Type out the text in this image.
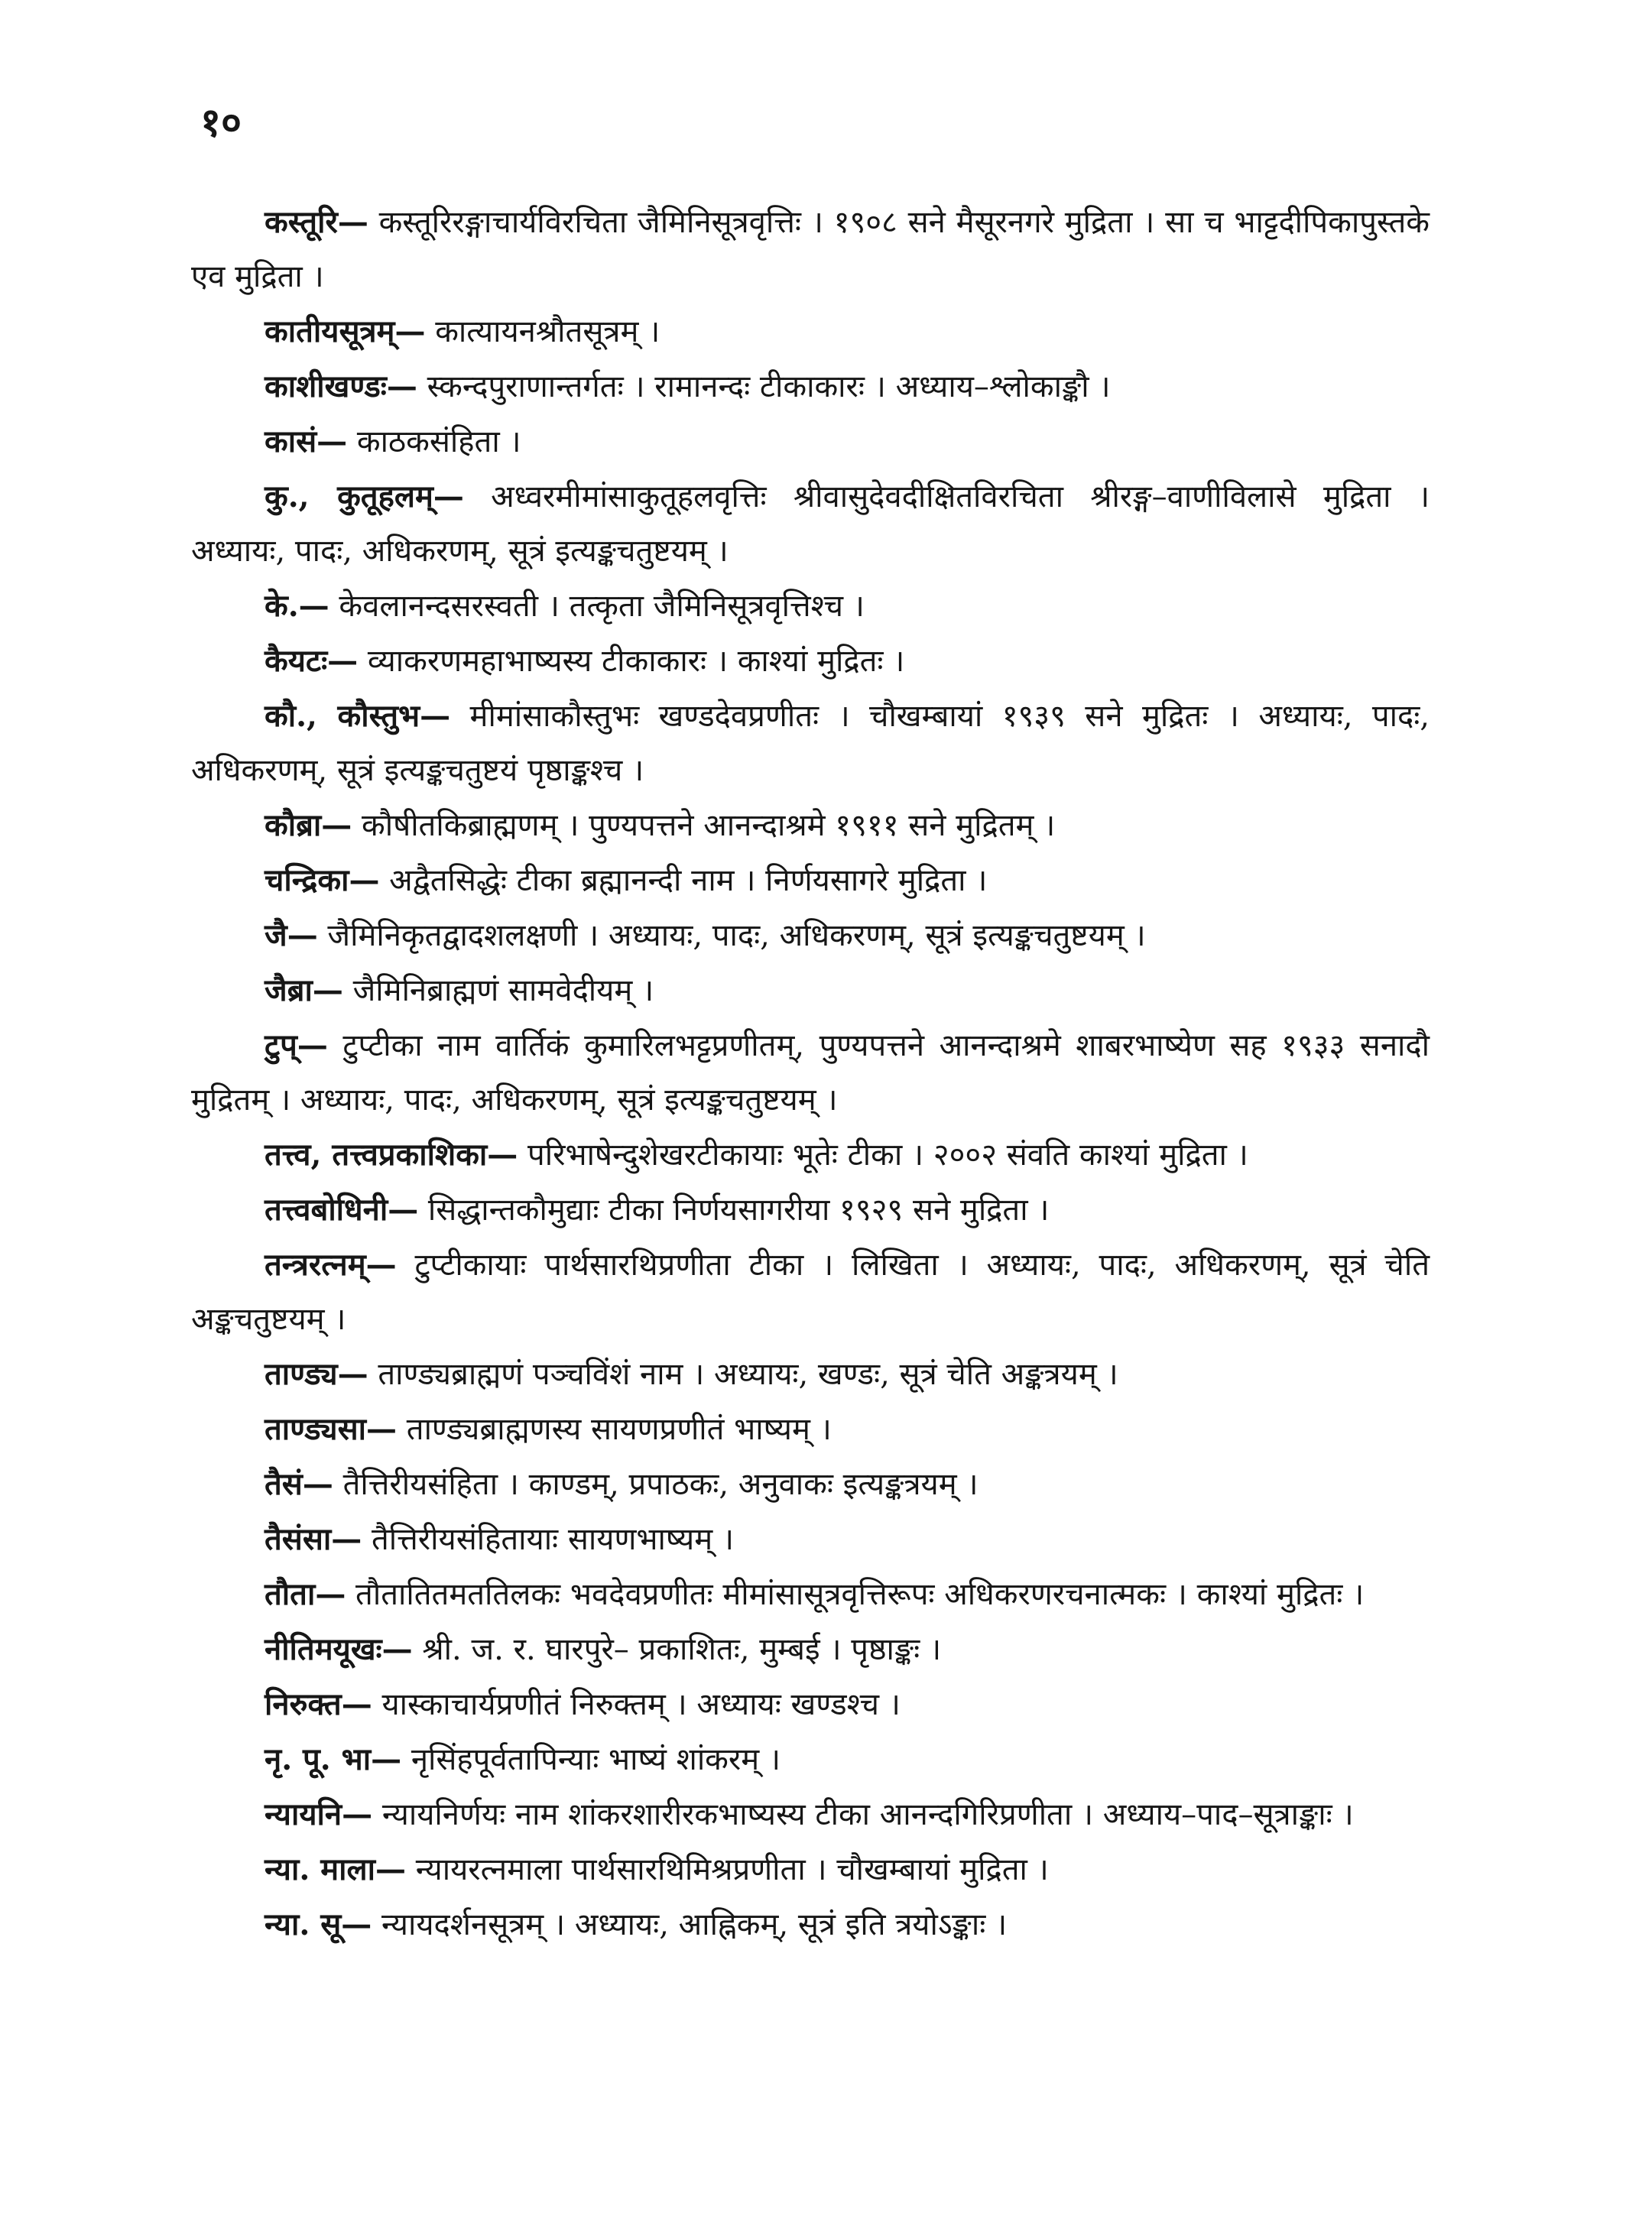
१०

कस्तूरि— कस्तूरिरङ्गाचार्यविरचिता जैमिनिसूत्रवृत्तिः । १९०८ सने मैसूरनगरे मुद्रिता । सा च भाट्टदीपिकापुस्तके एव मुद्रिता ।

कातीयसूत्रम्— कात्यायनश्रौतसूत्रम् ।

काशीखण्डः— स्कन्दपुराणान्तर्गतः । रामानन्दः टीकाकारः । अध्याय–श्लोकाङ्कौ ।

कासं— काठकसंहिता ।

कु., कुतूहलम्— अध्वरमीमांसाकुतूहलवृत्तिः श्रीवासुदेवदीक्षितविरचिता श्रीरङ्ग–वाणीविलासे मुद्रिता । अध्यायः, पादः, अधिकरणम्, सूत्रं इत्यङ्कचतुष्टयम् ।

के.— केवलानन्दसरस्वती । तत्कृता जैमिनिसूत्रवृत्तिश्च ।

कैयटः— व्याकरणमहाभाष्यस्य टीकाकारः । काश्यां मुद्रितः ।

कौ., कौस्तुभ— मीमांसाकौस्तुभः खण्डदेवप्रणीतः । चौखम्बायां १९३९ सने मुद्रितः । अध्यायः, पादः, अधिकरणम्, सूत्रं इत्यङ्कचतुष्टयं पृष्ठाङ्कश्च ।

कौब्रा— कौषीतकिब्राह्मणम् । पुण्यपत्तने आनन्दाश्रमे १९११ सने मुद्रितम् ।

चन्द्रिका— अद्वैतसिद्धेः टीका ब्रह्मानन्दी नाम । निर्णयसागरे मुद्रिता ।

जै— जैमिनिकृतद्वादशलक्षणी । अध्यायः, पादः, अधिकरणम्, सूत्रं इत्यङ्कचतुष्टयम् ।

जैब्रा— जैमिनिब्राह्मणं सामवेदीयम् ।

टुप्— टुप्टीका नाम वार्तिकं कुमारिलभट्टप्रणीतम्, पुण्यपत्तने आनन्दाश्रमे शाबरभाष्येण सह १९३३ सनादौ मुद्रितम् । अध्यायः, पादः, अधिकरणम्, सूत्रं इत्यङ्कचतुष्टयम् ।

तत्त्व, तत्त्वप्रकाशिका— परिभाषेन्दुशेखरटीकायाः भूतेः टीका । २००२ संवति काश्यां मुद्रिता ।

तत्त्वबोधिनी— सिद्धान्तकौमुद्याः टीका निर्णयसागरीया १९२९ सने मुद्रिता ।

तन्त्ररत्नम्— टुप्टीकायाः पार्थसारथिप्रणीता टीका । लिखिता । अध्यायः, पादः, अधिकरणम्, सूत्रं चेति अङ्कचतुष्टयम् ।

ताण्ड्य— ताण्ड्यब्राह्मणं पञ्चविंशं नाम । अध्यायः, खण्डः, सूत्रं चेति अङ्कत्रयम् ।

ताण्ड्यसा— ताण्ड्यब्राह्मणस्य सायणप्रणीतं भाष्यम् ।

तैसं— तैत्तिरीयसंहिता । काण्डम्, प्रपाठकः, अनुवाकः इत्यङ्कत्रयम् ।

तैसंसा— तैत्तिरीयसंहितायाः सायणभाष्यम् ।

तौता— तौतातितमततिलकः भवदेवप्रणीतः मीमांसासूत्रवृत्तिरूपः अधिकरणरचनात्मकः । काश्यां मुद्रितः ।

नीतिमयूखः— श्री. ज. र. घारपुरे– प्रकाशितः, मुम्बई । पृष्ठाङ्कः ।

निरुक्त— यास्काचार्यप्रणीतं निरुक्तम् । अध्यायः खण्डश्च ।

नृ. पू. भा— नृसिंहपूर्वतापिन्याः भाष्यं शांकरम् ।

न्यायनि— न्यायनिर्णयः नाम शांकरशारीरकभाष्यस्य टीका आनन्दगिरिप्रणीता । अध्याय–पाद–सूत्राङ्काः ।

न्या. माला— न्यायरत्नमाला पार्थसारथिमिश्रप्रणीता । चौखम्बायां मुद्रिता ।

न्या. सू— न्यायदर्शनसूत्रम् । अध्यायः, आह्निकम्, सूत्रं इति त्रयोऽङ्काः ।
